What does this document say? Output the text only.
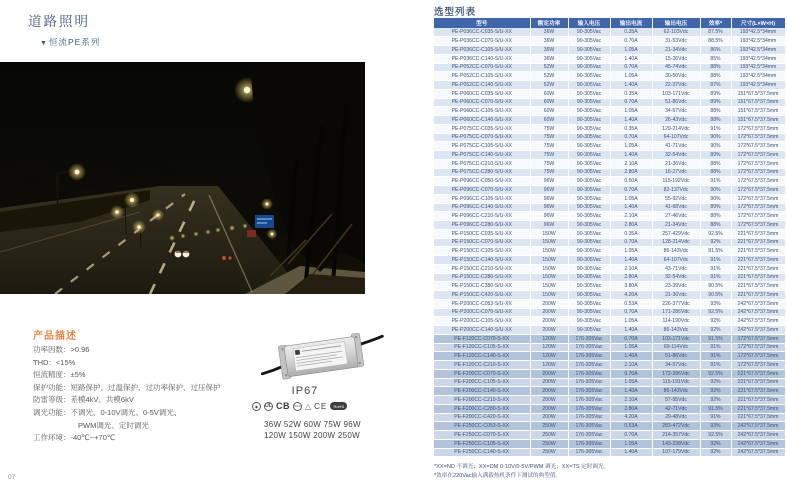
道路照明
▼恒流PE系列
产品描述
功率因数：>0.96
THD：<15%
恒流精度：±5%
保护功能：短路保护、过温保护、过功率保护、过压保护
防雷等级：差模4kV、共模6kV
调光功能：不调光、0-10V调光、0-5V调光、
PWM调光、定时调光
工作环境：-40℃~+70℃
07
IP67
◉	UL CB	CCC △ CE	RoHS
36W 52W 60W 75W 96W
120W 150W 200W 250W
选型列表
型号	额定功率	输入电压	输出电流	输出电压	效率*	尺寸(L×W×H)
PE-P036CC-C035-S/U-XX	36W	90-305Vac	0.35A	62-103Vdc	87.5%	193*42.5*34mm
PE-P036CC-C070-S/U-XX	36W	90-305Vac	0.70A	31-53Vdc	88.5%	193*42.5*34mm
PE-P036CC-C105-S/U-XX	36W	90-305Vac	1.05A	21-34Vdc	86%	193*42.5*34mm
PE-P036CC-C140-S/U-XX	36W	90-305Vac	1.40A	15-26Vdc	85%	193*42.5*34mm
PE-P052CC-C070-S/U-XX	52W	90-305Vac	0.70A	45-74Vdc	88%	193*42.5*34mm
PE-P052CC-C105-S/U-XX	52W	90-305Vac	1.05A	30-50Vdc	88%	193*42.5*34mm
PE-P052CC-C140-S/U-XX	52W	90-305Vac	1.40A	22-37Vdc	87%	193*42.5*34mm
PE-P060CC-C035-S/U-XX	60W	90-305Vac	0.35A	103-171Vdc	89%	151*67.5*37.5mm
PE-P060CC-C070-S/U-XX	60W	90-305Vac	0.70A	51-86Vdc	89%	151*67.5*37.5mm
PE-P060CC-C105-S/U-XX	60W	90-305Vac	1.05A	34-57Vdc	88%	151*67.5*37.5mm
PE-P060CC-C140-S/U-XX	60W	90-305Vac	1.40A	26-43Vdc	88%	151*67.5*37.5mm
PE-P075CC-C035-S/U-XX	75W	90-305Vac	0.35A	129-214Vdc	91%	172*67.5*37.5mm
PE-P075CC-C070-S/U-XX	75W	90-305Vac	0.70A	64-107Vdc	90%	172*67.5*37.5mm
PE-P075CC-C105-S/U-XX	75W	90-305Vac	1.05A	41-71Vdc	90%	172*67.5*37.5mm
PE-P075CC-C140-S/U-XX	75W	90-305Vac	1.40A	32-54Vdc	89%	172*67.5*37.5mm
PE-P075CC-C210-S/U-XX	75W	90-305Vac	2.10A	21-36Vdc	88%	172*67.5*37.5mm
PE-P075CC-C280-S/U-XX	75W	90-305Vac	2.80A	16-27Vdc	88%	172*67.5*37.5mm
PE-P096CC-C050-S/U-XX	96W	90-305Vac	0.50A	115-192Vdc	91%	172*67.5*37.5mm
PE-P096CC-C070-S/U-XX	96W	90-305Vac	0.70A	82-137Vdc	90%	172*67.5*37.5mm
PE-P096CC-C105-S/U-XX	96W	90-305Vac	1.05A	55-92Vdc	90%	172*67.5*37.5mm
PE-P096CC-C140-S/U-XX	96W	90-305Vac	1.40A	41-68Vdc	89%	172*67.5*37.5mm
PE-P096CC-C210-S/U-XX	96W	90-305Vac	2.10A	27-46Vdc	88%	172*67.5*37.5mm
PE-P096CC-C280-S/U-XX	96W	90-305Vac	2.80A	21-34Vdc	88%	172*67.5*37.5mm
PE-P150CC-C035-S/U-XX	150W	90-305Vac	0.35A	257-429Vdc	92.5%	221*67.5*37.5mm
PE-P150CC-C070-S/U-XX	150W	90-305Vac	0.70A	128-214Vdc	92%	221*67.5*37.5mm
PE-P150CC-C105-S/U-XX	150W	90-305Vac	1.05A	86-143Vdc	91.5%	221*67.5*37.5mm
PE-P150CC-C140-S/U-XX	150W	90-305Vac	1.40A	64-107Vdc	91%	221*67.5*37.5mm
PE-P150CC-C210-S/U-XX	150W	90-305Vac	2.10A	43-71Vdc	91%	221*67.5*37.5mm
PE-P150CC-C280-S/U-XX	150W	90-305Vac	2.80A	32-54Vdc	91%	221*67.5*37.5mm
PE-P150CC-C380-S/U-XX	150W	90-305Vac	3.80A	23-39Vdc	90.5%	221*67.5*37.5mm
PE-P150CC-C420-S/U-XX	150W	90-305Vac	4.20A	21-36Vdc	90.5%	221*67.5*37.5mm
PE-P200CC-C053-S/U-XX	200W	90-305Vac	0.53A	226-377Vdc	93%	242*67.5*37.5mm
PE-P200CC-C070-S/U-XX	200W	90-305Vac	0.70A	171-286Vdc	92.5%	242*67.5*37.5mm
PE-P200CC-C105-S/U-XX	200W	90-305Vac	1.05A	114-190Vdc	92%	242*67.5*37.5mm
PE-P200CC-C140-S/U-XX	200W	90-305Vac	1.40A	86-143Vdc	92%	242*67.5*37.5mm
PE-F120CC-C070-S-XX	120W	176-305Vac	0.70A	103-171Vdc	91.5%	172*67.5*37.5mm
PE-F120CC-C105-S-XX	120W	176-305Vac	1.05A	69-114Vdc	91%	172*67.5*37.5mm
PE-F120CC-C140-S-XX	120W	176-305Vac	1.40A	51-86Vdc	91%	172*67.5*37.5mm
PE-F120CC-C210-S-XX	120W	176-305Vac	2.10A	34-57Vdc	91%	172*67.5*37.5mm
PE-F200CC-C070-S-XX	200W	176-305Vac	0.70A	172-286Vdc	92.5%	221*67.5*37.5mm
PE-F200CC-C105-S-XX	200W	176-305Vac	1.05A	115-191Vdc	92%	221*67.5*37.5mm
PE-F200CC-C140-S-XX	200W	176-305Vac	1.40A	86-143Vdc	92%	221*67.5*37.5mm
PE-F200CC-C210-S-XX	200W	176-305Vac	2.10A	57-95Vdc	92%	221*67.5*37.5mm
PE-F200CC-C280-S-XX	200W	176-305Vac	2.80A	42-71Vdc	91.5%	221*67.5*37.5mm
PE-F200CC-C420-S-XX	200W	176-305Vac	4.20A	29-48Vdc	91%	221*67.5*37.5mm
PE-F250CC-C053-S-XX	250W	176-305Vac	0.53A	283-472Vdc	93%	242*67.5*37.5mm
PE-F250CC-C070-S-XX	250W	176-305Vac	0.70A	214-357Vdc	92.5%	242*67.5*37.5mm
PE-F250CC-C105-S-XX	250W	176-305Vac	1.05A	143-238Vdc	92%	242*67.5*37.5mm
PE-F250CC-C140-S-XX	250W	176-305Vac	1.40A	107-179Vdc	92%	242*67.5*37.5mm
*XX=ND 不调光；XX=DM 0-10V/0-5V/PWM 调光；XX=TS 定时调光。
*效率在220Vac输入满载热机条件下测试的典型值。
